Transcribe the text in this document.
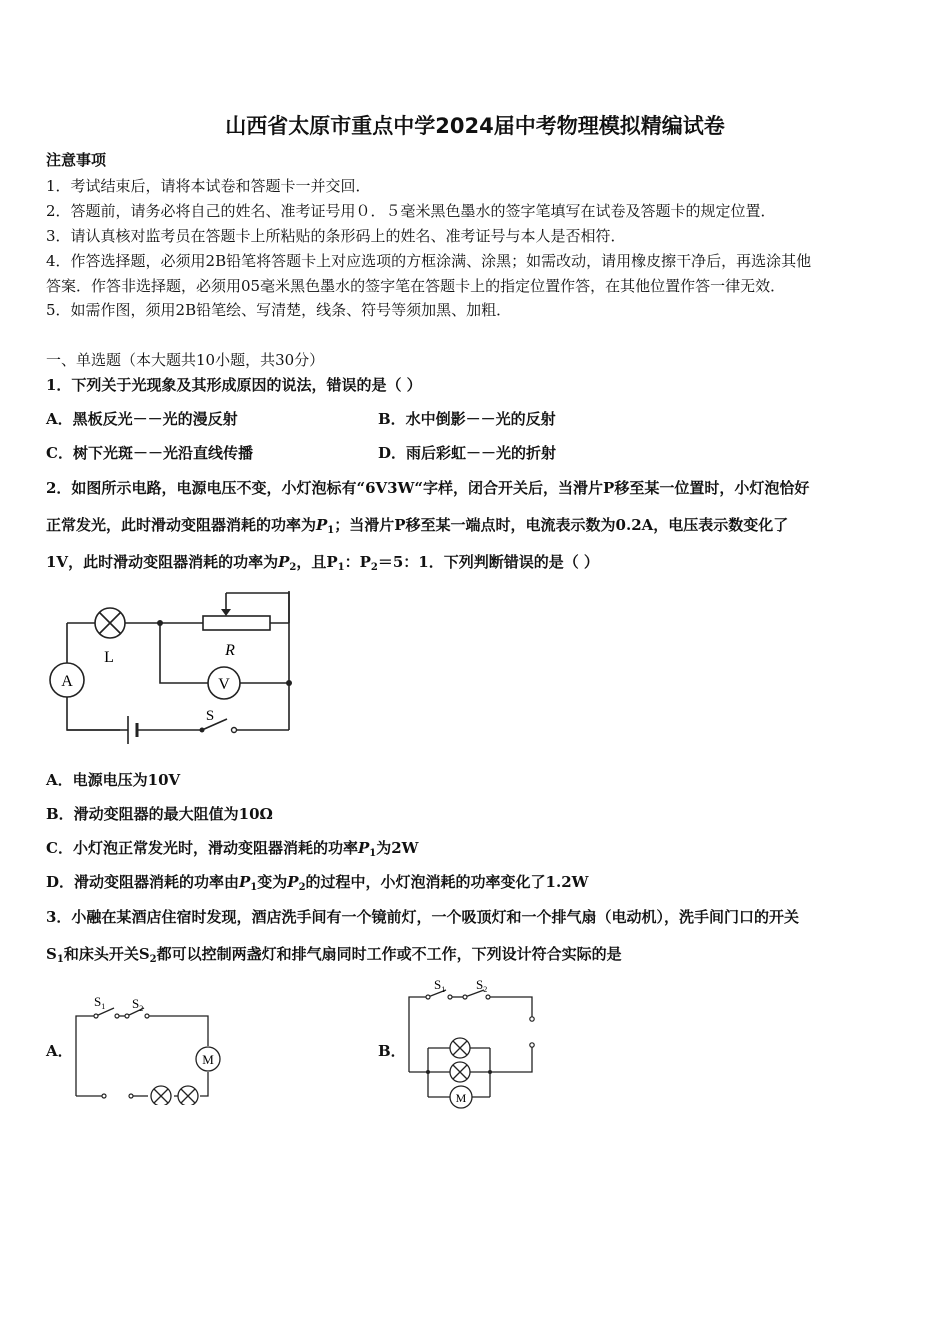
山西省太原市重点中学2024届中考物理模拟精编试卷
注意事项
1．考试结束后，请将本试卷和答题卡一并交回．
2．答题前，请务必将自己的姓名、准考证号用０．５毫米黑色墨水的签字笔填写在试卷及答题卡的规定位置．
3．请认真核对监考员在答题卡上所粘贴的条形码上的姓名、准考证号与本人是否相符．
4．作答选择题，必须用2B铅笔将答题卡上对应选项的方框涂满、涂黑；如需改动，请用橡皮擦干净后，再选涂其他
答案．作答非选择题，必须用05毫米黑色墨水的签字笔在答题卡上的指定位置作答，在其他位置作答一律无效．
5．如需作图，须用2B铅笔绘、写清楚，线条、符号等须加黑、加粗．
一、单选题（本大题共10小题，共30分）
1．下列关于光现象及其形成原因的说法，错误的是（ ）
A．黑板反光－－光的漫反射	B．水中倒影－－光的反射
C．树下光斑－－光沿直线传播	D．雨后彩虹－－光的折射
2．如图所示电路，电源电压不变，小灯泡标有“6V3W“字样，闭合开关后，当滑片P移至某一位置时，小灯泡恰好
正常发光，此时滑动变阻器消耗的功率为$P_1$；当滑片P移至某一端点时，电流表示数为0.2A，电压表示数变化了
1V，此时滑动变阻器消耗的功率为$P_2$，且$P_1$：$P_2=5$：1．下列判断错误的是（ ）
A	V
L	R
S
A．电源电压为10V
B．滑动变阻器的最大阻值为10Ω
C．小灯泡正常发光时，滑动变阻器消耗的功率$P_1$为2W
D．滑动变阻器消耗的功率由$P_1$变为$P_2$的过程中，小灯泡消耗的功率变化了1.2W
3．小融在某酒店住宿时发现，酒店洗手间有一个镜前灯，一个吸顶灯和一个排气扇（电动机），洗手间门口的开关
$S_1$和床头开关$S_2$都可以控制两盏灯和排气扇同时工作或不工作，下列设计符合实际的是
A．	B．
M
$S_1$ $S_2$
M
$S_1$ $S_2$
